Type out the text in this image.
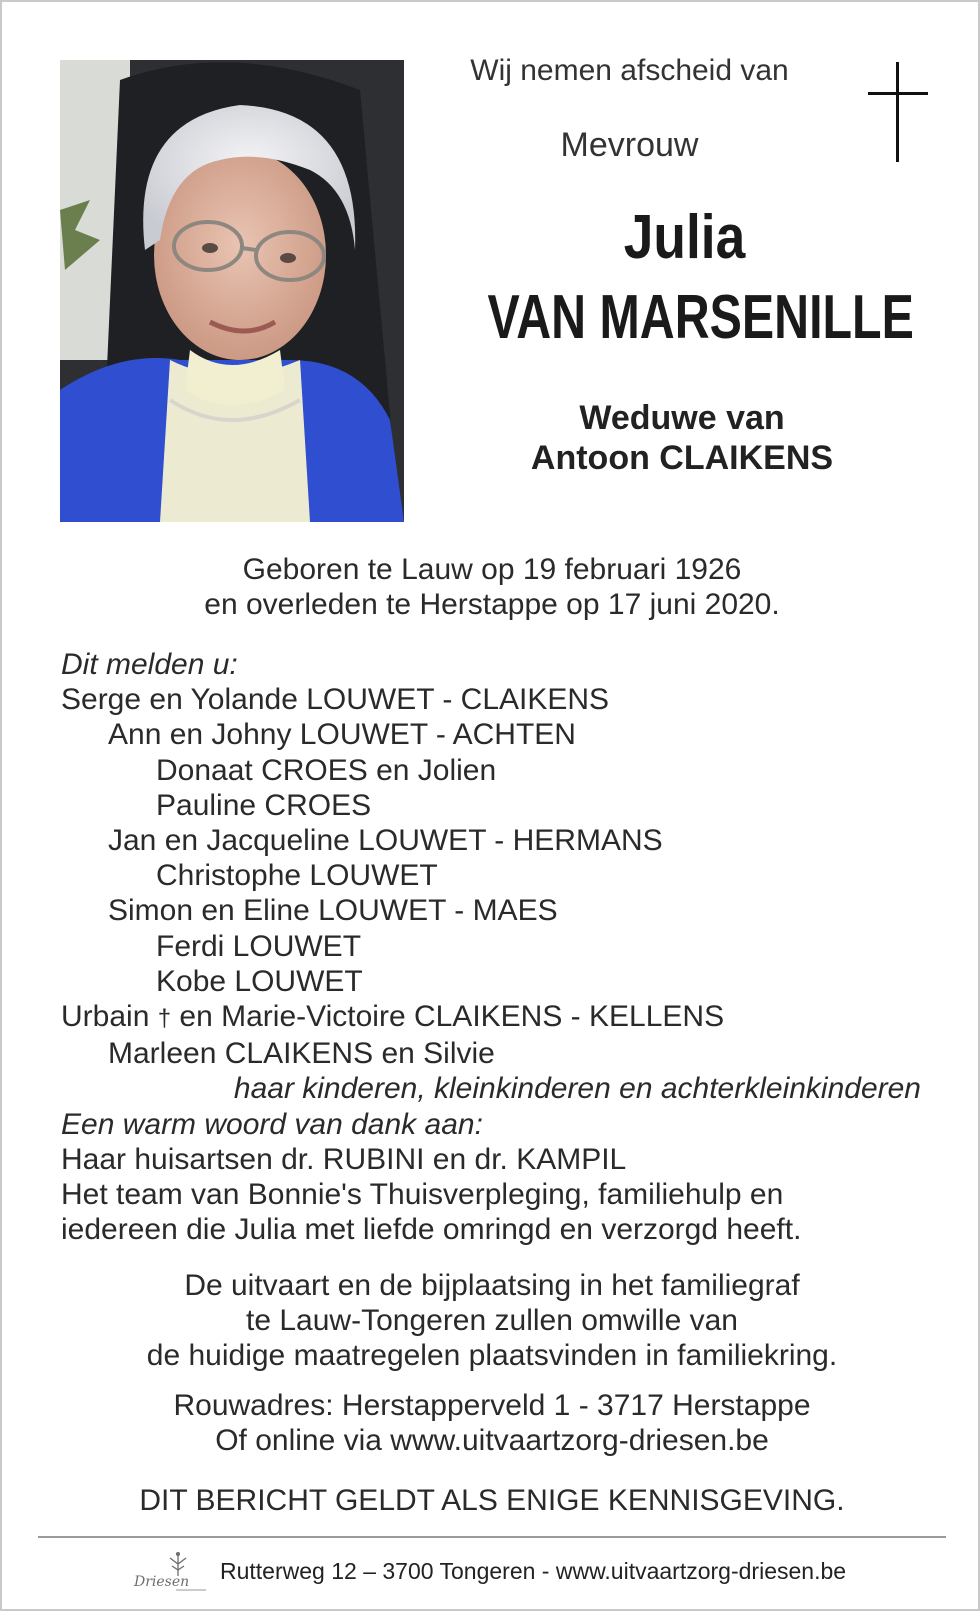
Wij nemen afscheid van
Mevrouw
Julia
VAN MARSENILLE
Weduwe van
Antoon CLAIKENS
Geboren te Lauw op 19 februari 1926
en overleden te Herstappe op 17 juni 2020.
Dit melden u:
Serge en Yolande LOUWET - CLAIKENS
Ann en Johny LOUWET - ACHTEN
Donaat CROES en Jolien
Pauline CROES
Jan en Jacqueline LOUWET - HERMANS
Christophe LOUWET
Simon en Eline LOUWET - MAES
Ferdi LOUWET
Kobe LOUWET
Urbain † en Marie-Victoire CLAIKENS - KELLENS
Marleen CLAIKENS en Silvie
haar kinderen, kleinkinderen en achterkleinkinderen
Een warm woord van dank aan:
Haar huisartsen dr. RUBINI en dr. KAMPIL
Het team van Bonnie's Thuisverpleging, familiehulp en
iedereen die Julia met liefde omringd en verzorgd heeft.
De uitvaart en de bijplaatsing in het familiegraf
te Lauw-Tongeren zullen omwille van
de huidige maatregelen plaatsvinden in familiekring.
Rouwadres: Herstapperveld 1 - 3717 Herstappe
Of online via www.uitvaartzorg-driesen.be
DIT BERICHT GELDT ALS ENIGE KENNISGEVING.
Driesen Rutterweg 12 – 3700 Tongeren - www.uitvaartzorg-driesen.be
